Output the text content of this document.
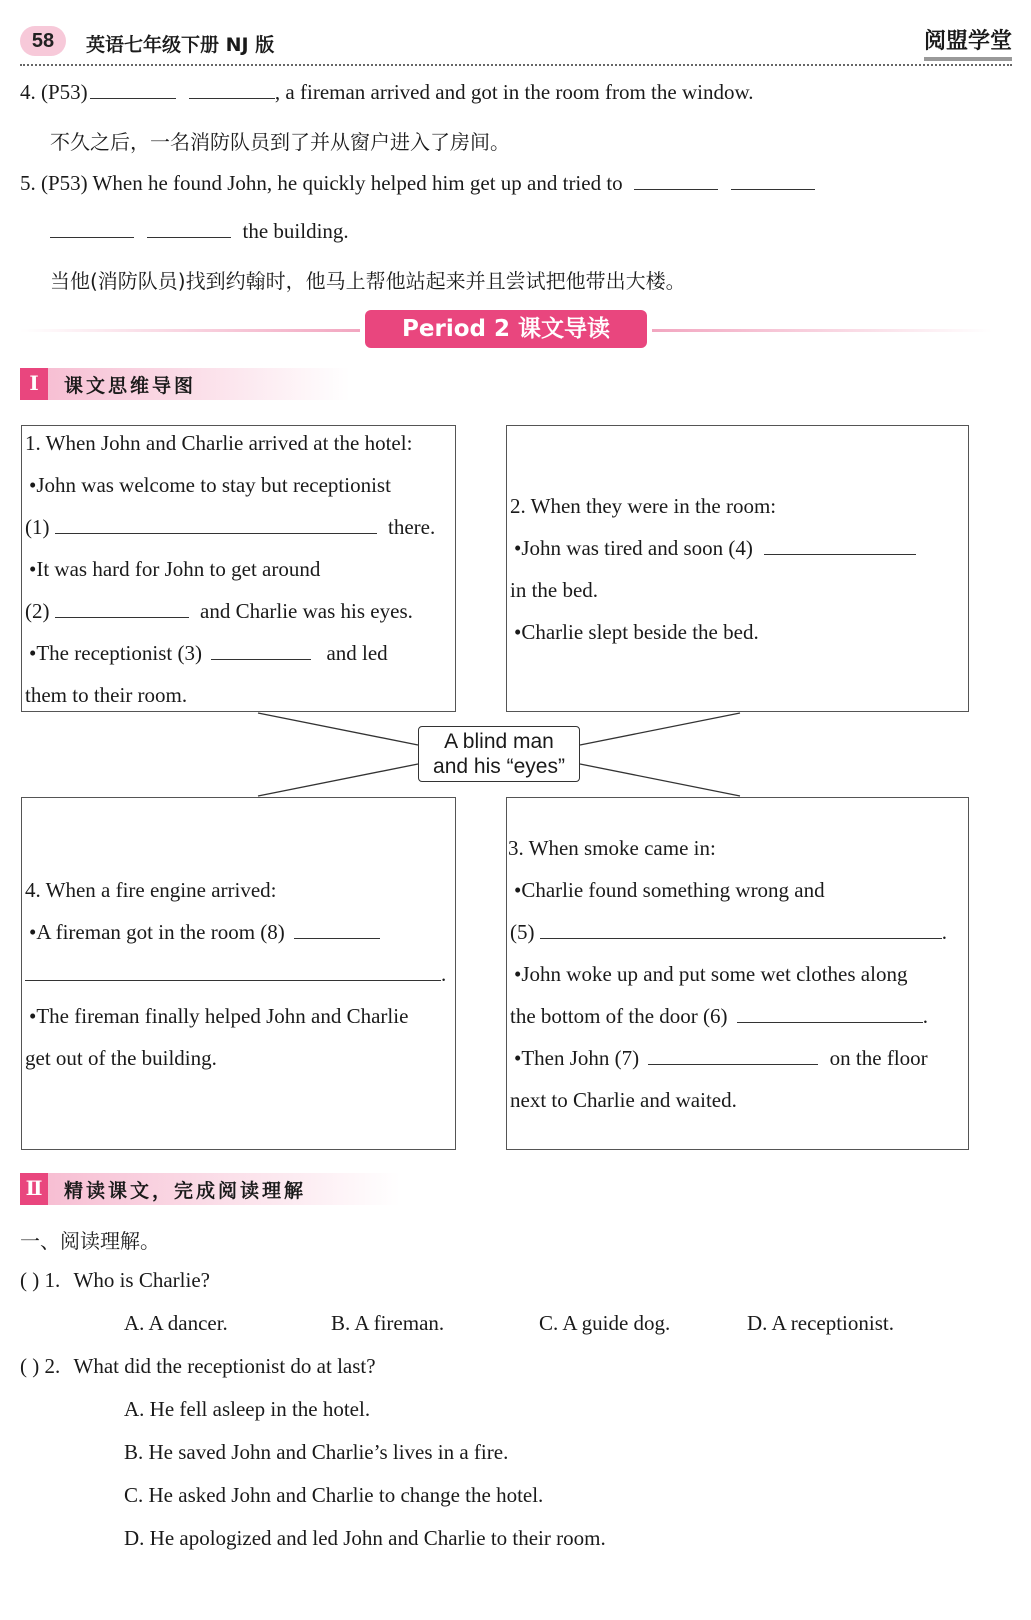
58	英语七年级下册 NJ 版	阅盟学堂
4. (P53)	, a fireman arrived and got in the room from the window.
不久之后，一名消防队员到了并从窗户进入了房间。
5. (P53) When he found John, he quickly helped him get up and tried to
the building.
当他(消防队员)找到约翰时，他马上帮他站起来并且尝试把他带出大楼。
Period 2 课文导读
Ⅰ	课文思维导图
1. When John and Charlie arrived at the hotel:
•John was welcome to stay but receptionist
(1)	there.
•It was hard for John to get around
(2)	and Charlie was his eyes.
•The receptionist (3)	and led
them to their room.
2. When they were in the room:
•John was tired and soon (4)
in the bed.
•Charlie slept beside the bed.
A blind man
and his “eyes”
4. When a fire engine arrived:
•A fireman got in the room (8)
.
•The fireman finally helped John and Charlie
get out of the building.
3. When smoke came in:
•Charlie found something wrong and
(5)	.
•John woke up and put some wet clothes along
the bottom of the door (6)	.
•Then John (7)	on the floor
next to Charlie and waited.
Ⅱ 精读课文，完成阅读理解
一、阅读理解。
( ) 1. Who is Charlie?
A. A dancer.	B. A fireman.	C. A guide dog.	D. A receptionist.
( ) 2. What did the receptionist do at last?
A. He fell asleep in the hotel.
B. He saved John and Charlie’s lives in a fire.
C. He asked John and Charlie to change the hotel.
D. He apologized and led John and Charlie to their room.
